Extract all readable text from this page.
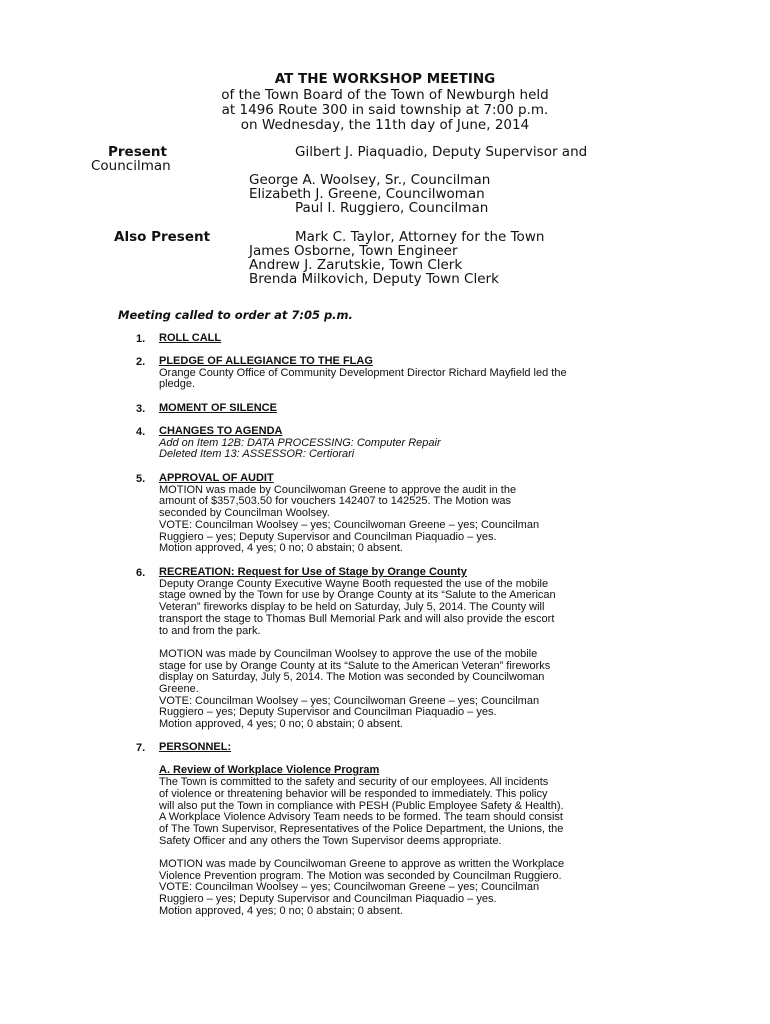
AT THE WORKSHOP MEETING
of the Town Board of the Town of Newburgh held
at 1496 Route 300 in said township at 7:00 p.m.
on Wednesday, the 11th day of June, 2014
Present	Gilbert J. Piaquadio, Deputy Supervisor and
Councilman
George A. Woolsey, Sr., Councilman
Elizabeth J. Greene, Councilwoman
Paul I. Ruggiero, Councilman
Also Present	Mark C. Taylor, Attorney for the Town
James Osborne, Town Engineer
Andrew J. Zarutskie, Town Clerk
Brenda Milkovich, Deputy Town Clerk
Meeting called to order at 7:05 p.m.
1. ROLL CALL
2. PLEDGE OF ALLEGIANCE TO THE FLAG
Orange County Office of Community Development Director Richard Mayfield led the
pledge.
3. MOMENT OF SILENCE
4. CHANGES TO AGENDA
Add on Item 12B: DATA PROCESSING: Computer Repair
Deleted Item 13: ASSESSOR: Certiorari
5. APPROVAL OF AUDIT
MOTION was made by Councilwoman Greene to approve the audit in the
amount of $357,503.50 for vouchers 142407 to 142525. The Motion was
seconded by Councilman Woolsey.
VOTE: Councilman Woolsey – yes; Councilwoman Greene – yes; Councilman
Ruggiero – yes; Deputy Supervisor and Councilman Piaquadio – yes.
Motion approved, 4 yes; 0 no; 0 abstain; 0 absent.
6. RECREATION: Request for Use of Stage by Orange County
Deputy Orange County Executive Wayne Booth requested the use of the mobile
stage owned by the Town for use by Orange County at its “Salute to the American
Veteran” fireworks display to be held on Saturday, July 5, 2014. The County will
transport the stage to Thomas Bull Memorial Park and will also provide the escort
to and from the park.
MOTION was made by Councilman Woolsey to approve the use of the mobile
stage for use by Orange County at its “Salute to the American Veteran” fireworks
display on Saturday, July 5, 2014. The Motion was seconded by Councilwoman
Greene.
VOTE: Councilman Woolsey – yes; Councilwoman Greene – yes; Councilman
Ruggiero – yes; Deputy Supervisor and Councilman Piaquadio – yes.
Motion approved, 4 yes; 0 no; 0 abstain; 0 absent.
7. PERSONNEL:
A. Review of Workplace Violence Program
The Town is committed to the safety and security of our employees. All incidents
of violence or threatening behavior will be responded to immediately. This policy
will also put the Town in compliance with PESH (Public Employee Safety & Health).
A Workplace Violence Advisory Team needs to be formed. The team should consist
of The Town Supervisor, Representatives of the Police Department, the Unions, the
Safety Officer and any others the Town Supervisor deems appropriate.
MOTION was made by Councilwoman Greene to approve as written the Workplace
Violence Prevention program. The Motion was seconded by Councilman Ruggiero.
VOTE: Councilman Woolsey – yes; Councilwoman Greene – yes; Councilman
Ruggiero – yes; Deputy Supervisor and Councilman Piaquadio – yes.
Motion approved, 4 yes; 0 no; 0 abstain; 0 absent.
